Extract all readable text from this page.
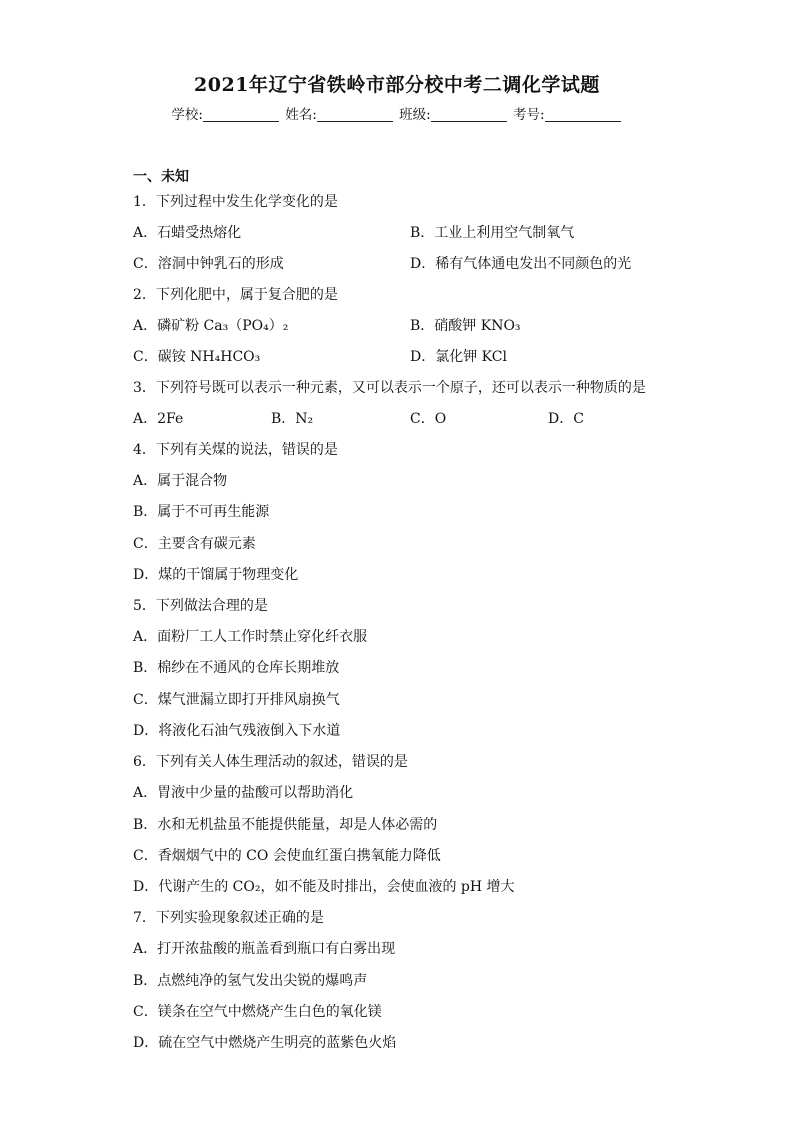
2021年辽宁省铁岭市部分校中考二调化学试题
学校:	姓名:	班级:	考号:
一、未知
1．下列过程中发生化学变化的是
A．石蜡受热熔化	B．工业上利用空气制氧气
C．溶洞中钟乳石的形成	D．稀有气体通电发出不同颜色的光
2．下列化肥中，属于复合肥的是
A．磷矿粉 Ca₃（PO₄）₂	B．硝酸钾 KNO₃
C．碳铵 NH₄HCO₃	D．氯化钾 KCl
3．下列符号既可以表示一种元素，又可以表示一个原子，还可以表示一种物质的是
A．2Fe	B．N₂	C．O	D．C
4．下列有关煤的说法，错误的是
A．属于混合物
B．属于不可再生能源
C．主要含有碳元素
D．煤的干馏属于物理变化
5．下列做法合理的是
A．面粉厂工人工作时禁止穿化纤衣服
B．棉纱在不通风的仓库长期堆放
C．煤气泄漏立即打开排风扇换气
D．将液化石油气残液倒入下水道
6．下列有关人体生理活动的叙述，错误的是
A．胃液中少量的盐酸可以帮助消化
B．水和无机盐虽不能提供能量，却是人体必需的
C．香烟烟气中的 CO 会使血红蛋白携氧能力降低
D．代谢产生的 CO₂，如不能及时排出，会使血液的 pH 增大
7．下列实验现象叙述正确的是
A．打开浓盐酸的瓶盖看到瓶口有白雾出现
B．点燃纯净的氢气发出尖锐的爆鸣声
C．镁条在空气中燃烧产生白色的氧化镁
D．硫在空气中燃烧产生明亮的蓝紫色火焰
